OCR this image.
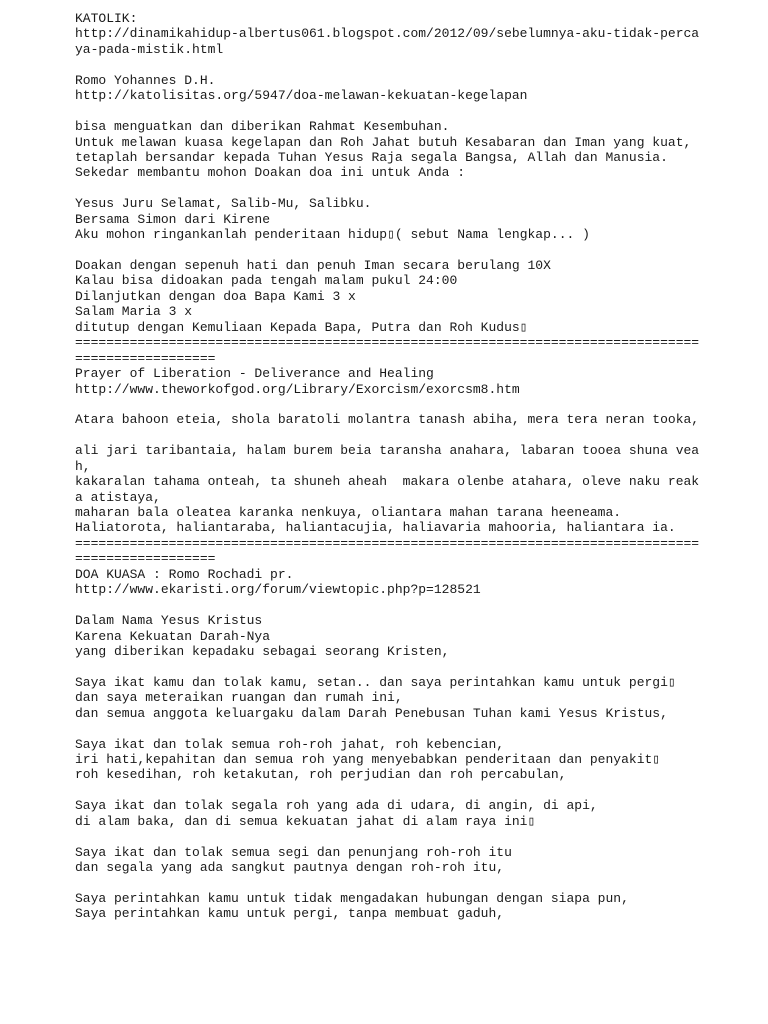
KATOLIK:
http://dinamikahidup-albertus061.blogspot.com/2012/09/sebelumnya-aku-tidak-perca
ya-pada-mistik.html
Romo Yohannes D.H.
http://katolisitas.org/5947/doa-melawan-kekuatan-kegelapan
bisa menguatkan dan diberikan Rahmat Kesembuhan.
Untuk melawan kuasa kegelapan dan Roh Jahat butuh Kesabaran dan Iman yang kuat,
tetaplah bersandar kepada Tuhan Yesus Raja segala Bangsa, Allah dan Manusia.
Sekedar membantu mohon Doakan doa ini untuk Anda :
Yesus Juru Selamat, Salib-Mu, Salibku.
Bersama Simon dari Kirene
Aku mohon ringankanlah penderitaan hidup▯( sebut Nama lengkap... )
Doakan dengan sepenuh hati dan penuh Iman secara berulang 10X
Kalau bisa didoakan pada tengah malam pukul 24:00
Dilanjutkan dengan doa Bapa Kami 3 x
Salam Maria 3 x
ditutup dengan Kemuliaan Kepada Bapa, Putra dan Roh Kudus▯
================================================================================
==================
Prayer of Liberation - Deliverance and Healing
http://www.theworkofgod.org/Library/Exorcism/exorcsm8.htm
Atara bahoon eteia, shola baratoli molantra tanash abiha, mera tera neran tooka,
ali jari taribantaia, halam burem beia taransha anahara, labaran tooea shuna vea
h,
kakaralan tahama onteah, ta shuneh aheah  makara olenbe atahara, oleve naku reak
a atistaya,
maharan bala oleatea karanka nenkuya, oliantara mahan tarana heeneama.
Haliatorota, haliantaraba, haliantacujia, haliavaria mahooria, haliantara ia.
================================================================================
==================
DOA KUASA : Romo Rochadi pr.
http://www.ekaristi.org/forum/viewtopic.php?p=128521
Dalam Nama Yesus Kristus
Karena Kekuatan Darah-Nya
yang diberikan kepadaku sebagai seorang Kristen,
Saya ikat kamu dan tolak kamu, setan.. dan saya perintahkan kamu untuk pergi▯
dan saya meteraikan ruangan dan rumah ini,
dan semua anggota keluargaku dalam Darah Penebusan Tuhan kami Yesus Kristus,
Saya ikat dan tolak semua roh-roh jahat, roh kebencian,
iri hati,kepahitan dan semua roh yang menyebabkan penderitaan dan penyakit▯
roh kesedihan, roh ketakutan, roh perjudian dan roh percabulan,
Saya ikat dan tolak segala roh yang ada di udara, di angin, di api,
di alam baka, dan di semua kekuatan jahat di alam raya ini▯
Saya ikat dan tolak semua segi dan penunjang roh-roh itu
dan segala yang ada sangkut pautnya dengan roh-roh itu,
Saya perintahkan kamu untuk tidak mengadakan hubungan dengan siapa pun,
Saya perintahkan kamu untuk pergi, tanpa membuat gaduh,
